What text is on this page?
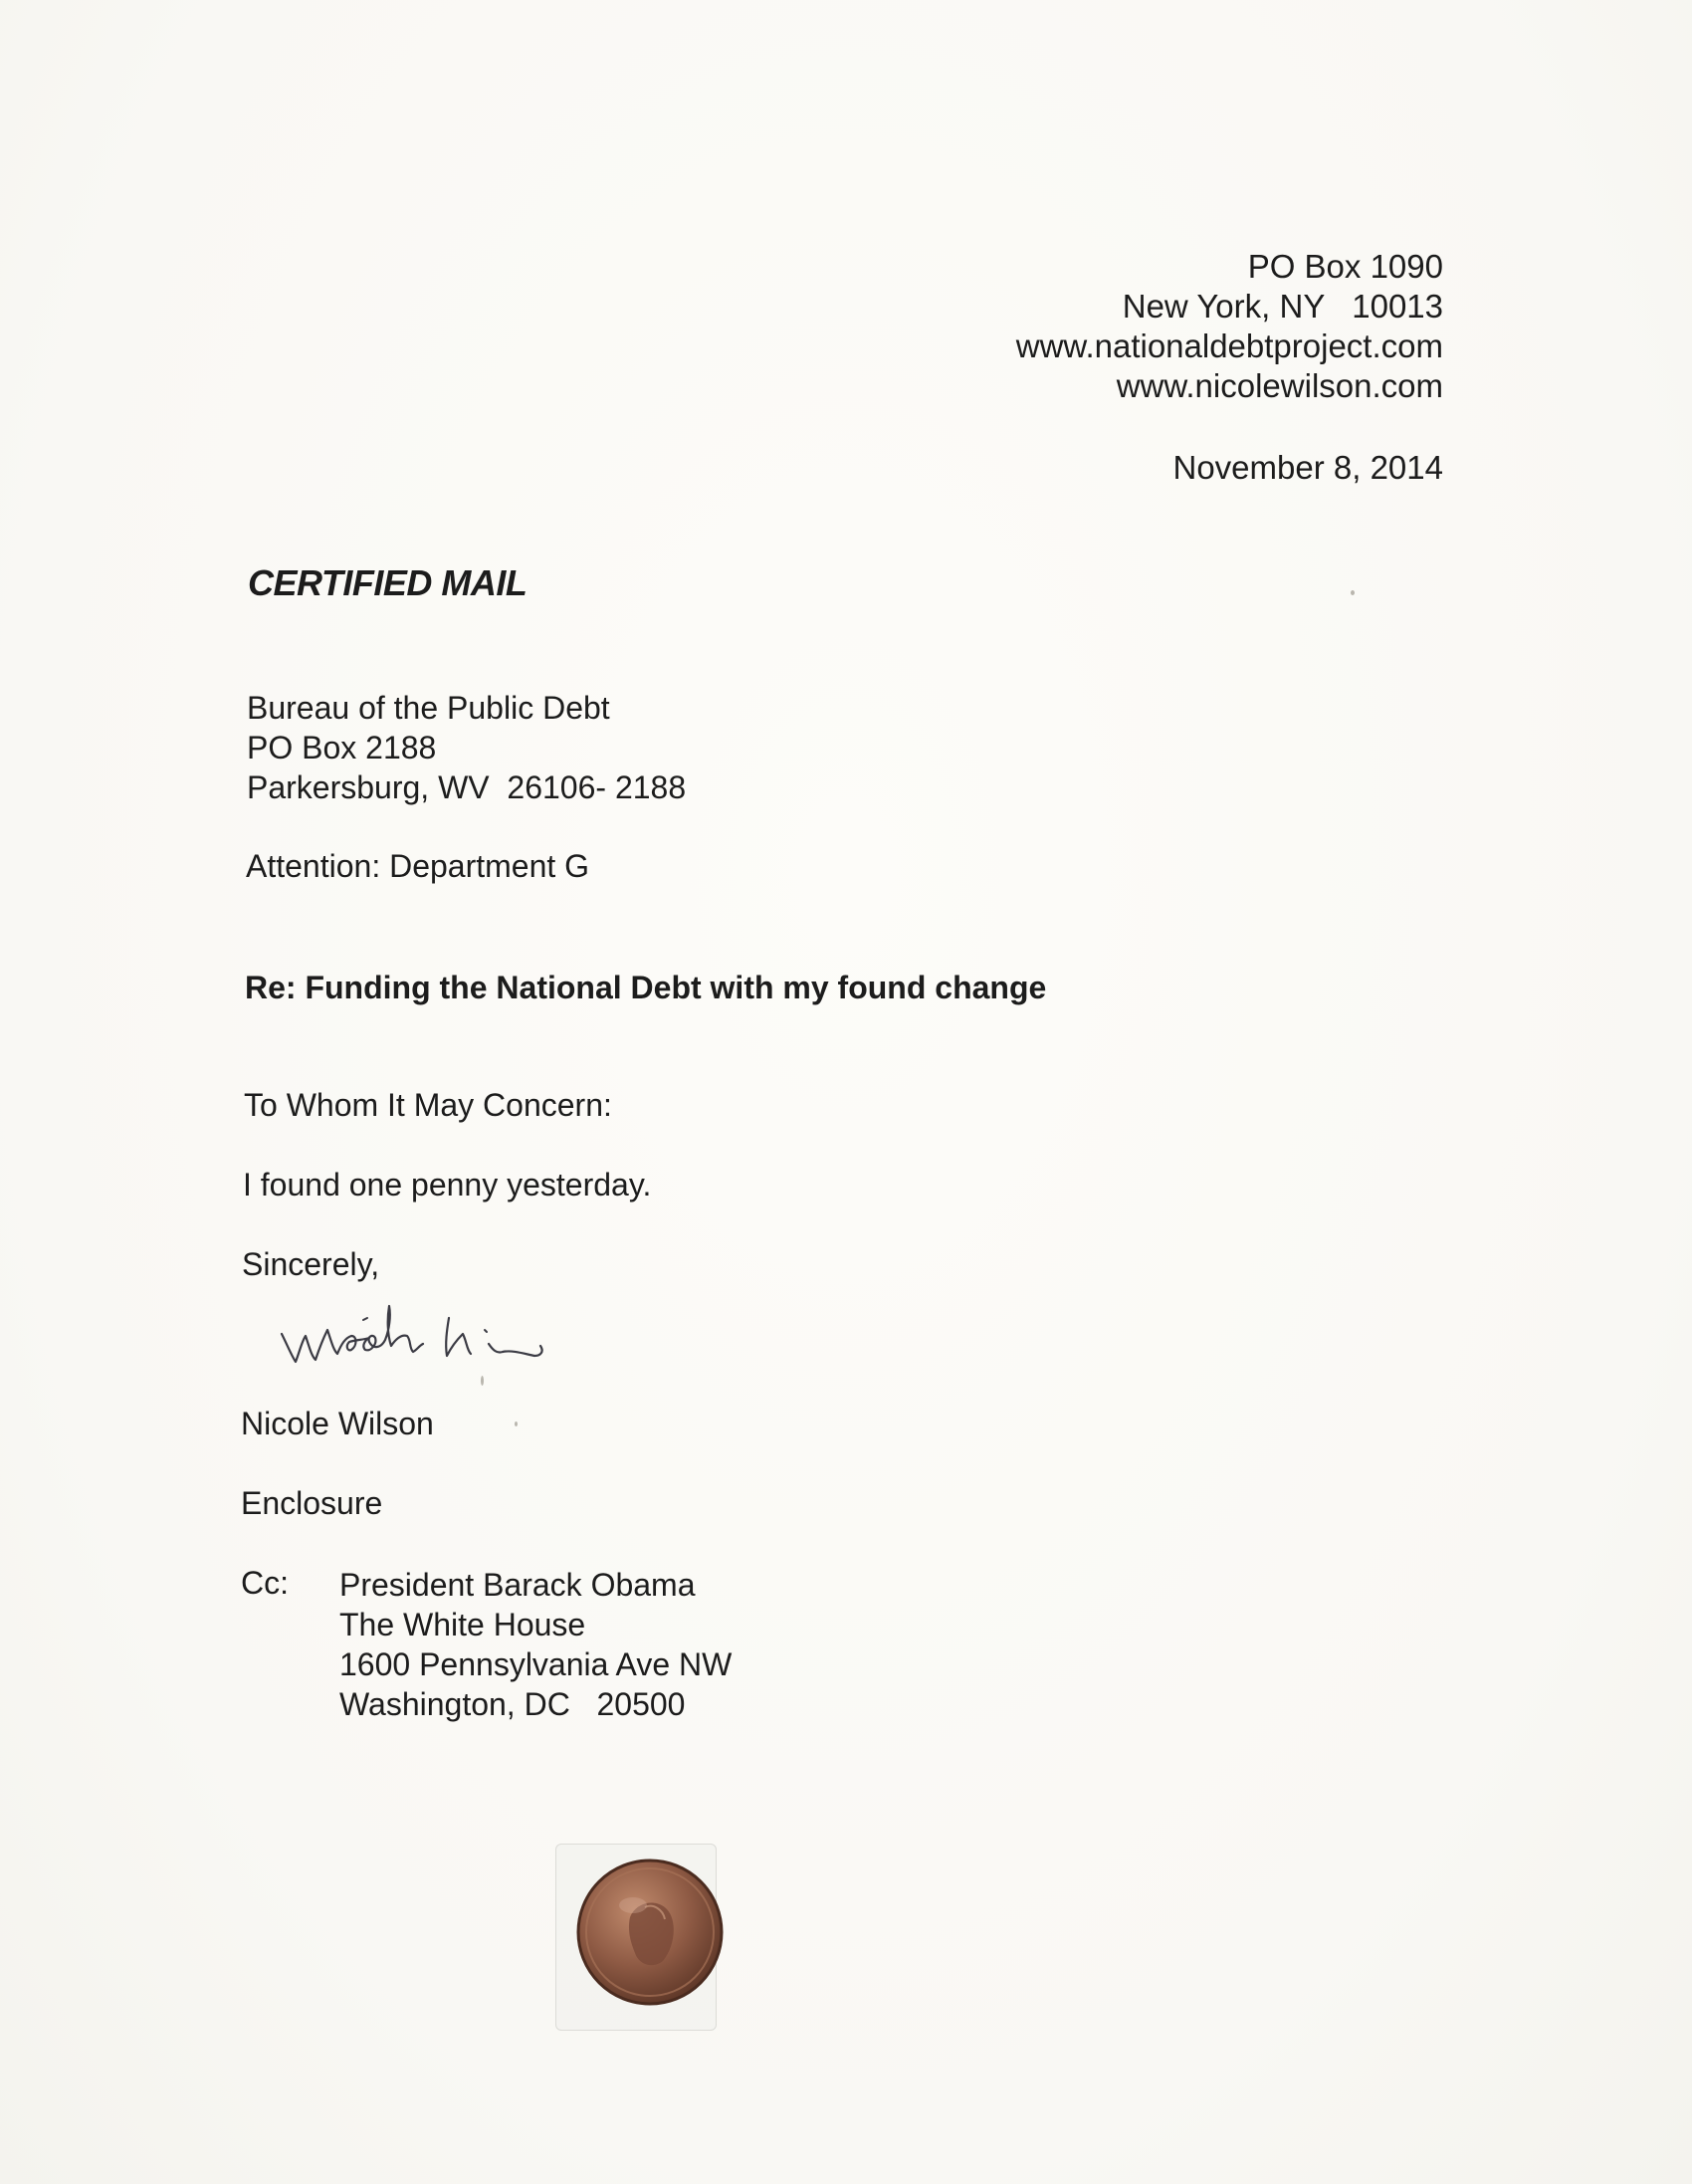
PO Box 1090
New York, NY   10013
www.nationaldebtproject.com
www.nicolewilson.com
November 8, 2014
CERTIFIED MAIL
Bureau of the Public Debt
PO Box 2188
Parkersburg, WV  26106- 2188
Attention: Department G
Re: Funding the National Debt with my found change
To Whom It May Concern:
I found one penny yesterday.
Sincerely,
Nicole Wilson
Enclosure
Cc: President Barack Obama
The White House
1600 Pennsylvania Ave NW
Washington, DC   20500
